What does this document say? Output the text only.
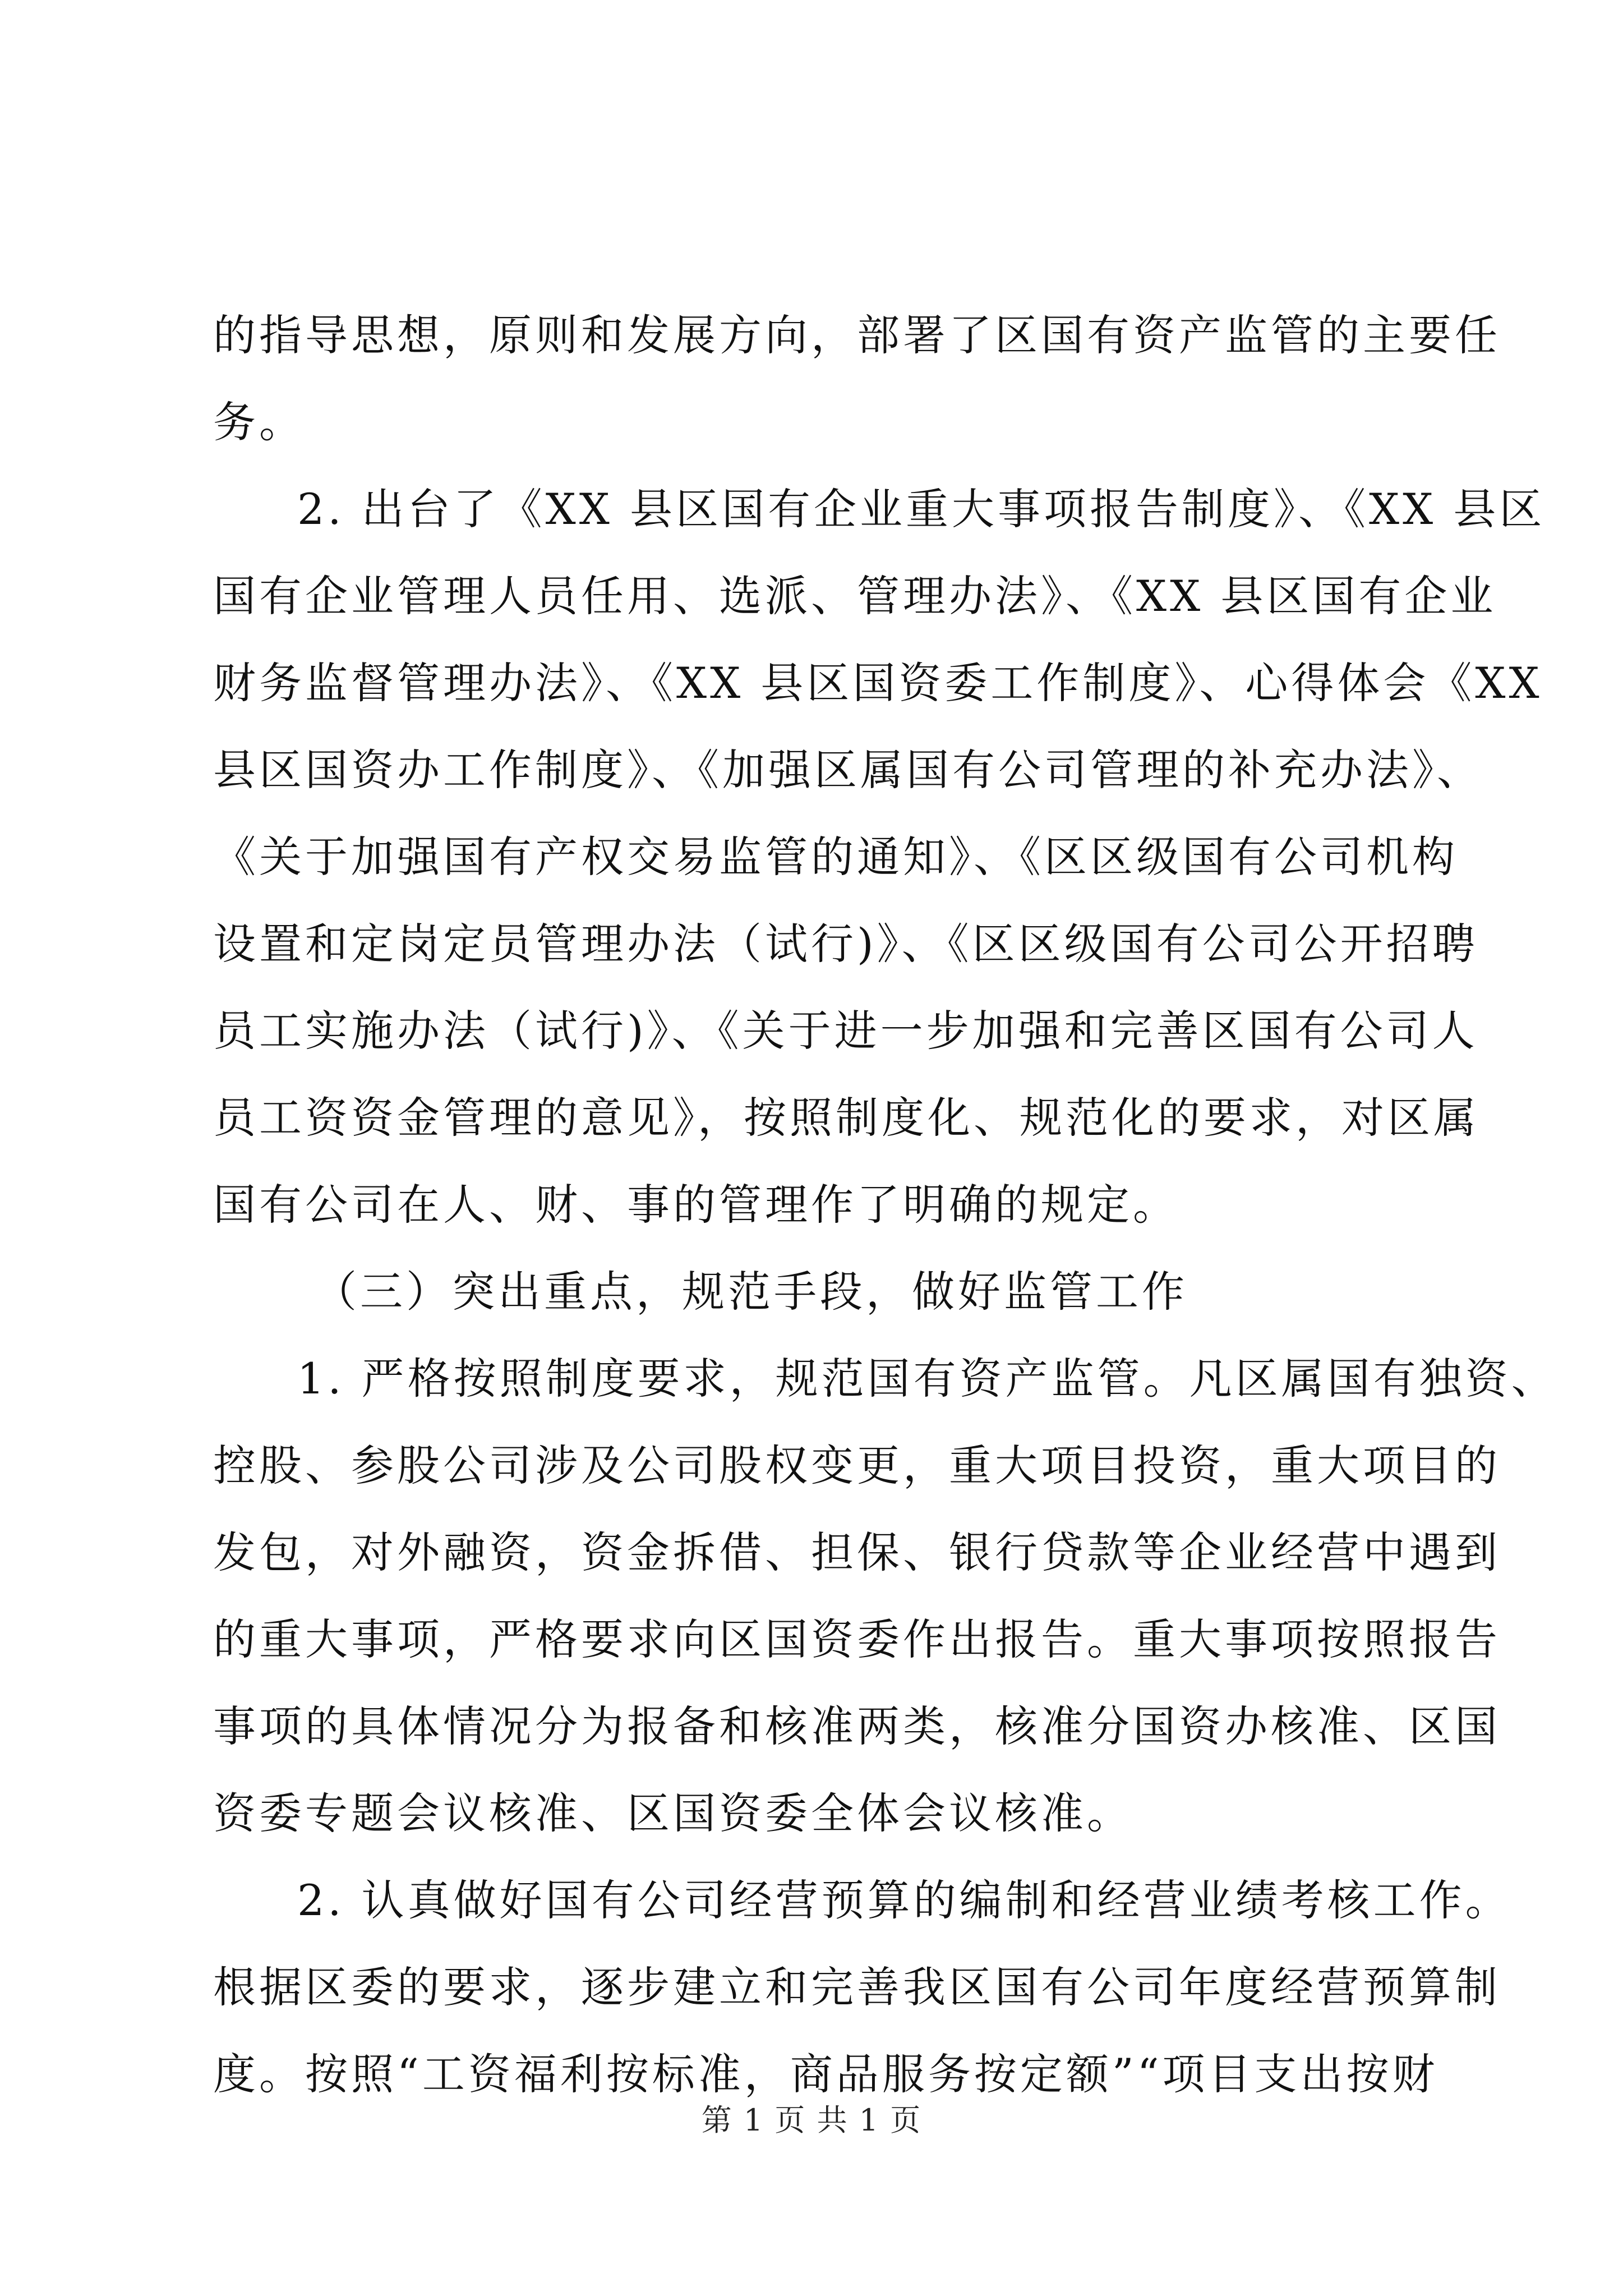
的指导思想，原则和发展方向，部署了区国有资产监管的主要任
务。
2. 出台了《XX 县区国有企业重大事项报告制度》、《XX 县区
国有企业管理人员任用、选派、管理办法》、《XX 县区国有企业
财务监督管理办法》、《XX 县区国资委工作制度》、心得体会《XX
县区国资办工作制度》、《加强区属国有公司管理的补充办法》、
《关于加强国有产权交易监管的通知》、《区区级国有公司机构
设置和定岗定员管理办法（试行)》、《区区级国有公司公开招聘
员工实施办法（试行)》、《关于进一步加强和完善区国有公司人
员工资资金管理的意见》，按照制度化、规范化的要求，对区属
国有公司在人、财、事的管理作了明确的规定。
（三）突出重点，规范手段，做好监管工作
1. 严格按照制度要求，规范国有资产监管。凡区属国有独资、
控股、参股公司涉及公司股权变更，重大项目投资，重大项目的
发包，对外融资，资金拆借、担保、银行贷款等企业经营中遇到
的重大事项，严格要求向区国资委作出报告。重大事项按照报告
事项的具体情况分为报备和核准两类，核准分国资办核准、区国
资委专题会议核准、区国资委全体会议核准。
2. 认真做好国有公司经营预算的编制和经营业绩考核工作。
根据区委的要求，逐步建立和完善我区国有公司年度经营预算制
度。按照“工资福利按标准，商品服务按定额”“项目支出按财
第 1 页 共 1 页
